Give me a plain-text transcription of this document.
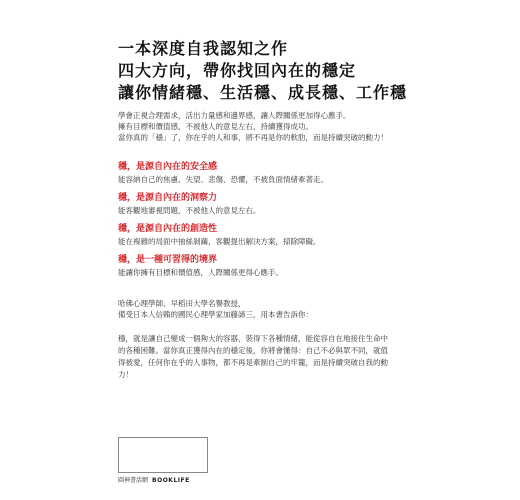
一本深度自我認知之作
四大方向，帶你找回內在的穩定
讓你情緒穩、生活穩、成長穩、工作穩
學會正視合理需求，活出力量感和邊界感，讓人際關係更加得心應手。
擁有目標和價值感，不被他人的意見左右，持續獲得成功。
當你真的「穩」了，你在乎的人和事，將不再是你的軟肋，而是持續突破的動力！
穩，是源自內在的安全感
能容納自己的焦慮、失望、悲傷、恐懼，不被負面情緒牽著走。
穩，是源自內在的洞察力
能客觀地審視問題，不被他人的意見左右。
穩，是源自內在的創造性
能在複雜的局面中抽絲剝繭，客觀提出解決方案，掃除障礙。
穩，是一種可習得的境界
能讓你擁有目標和價值感，人際關係更得心應手。
哈佛心理學師、早稻田大學名譽教授，
備受日本人信賴的國民心理學家加藤諦三，用本書告訴你：
穩，就是讓自己變成一個夠大的容器，裝得下各種情緒，能從容自在地接住生命中
的各種困難。當你真正獲得內在的穩定後，你將會懂得：自己不必與眾不同，就值
得被愛，任何你在乎的人事物，都不再是牽制自己的牢籠，而是持續突破自我的動
力！
圓神書活網 BOOKLIFE
